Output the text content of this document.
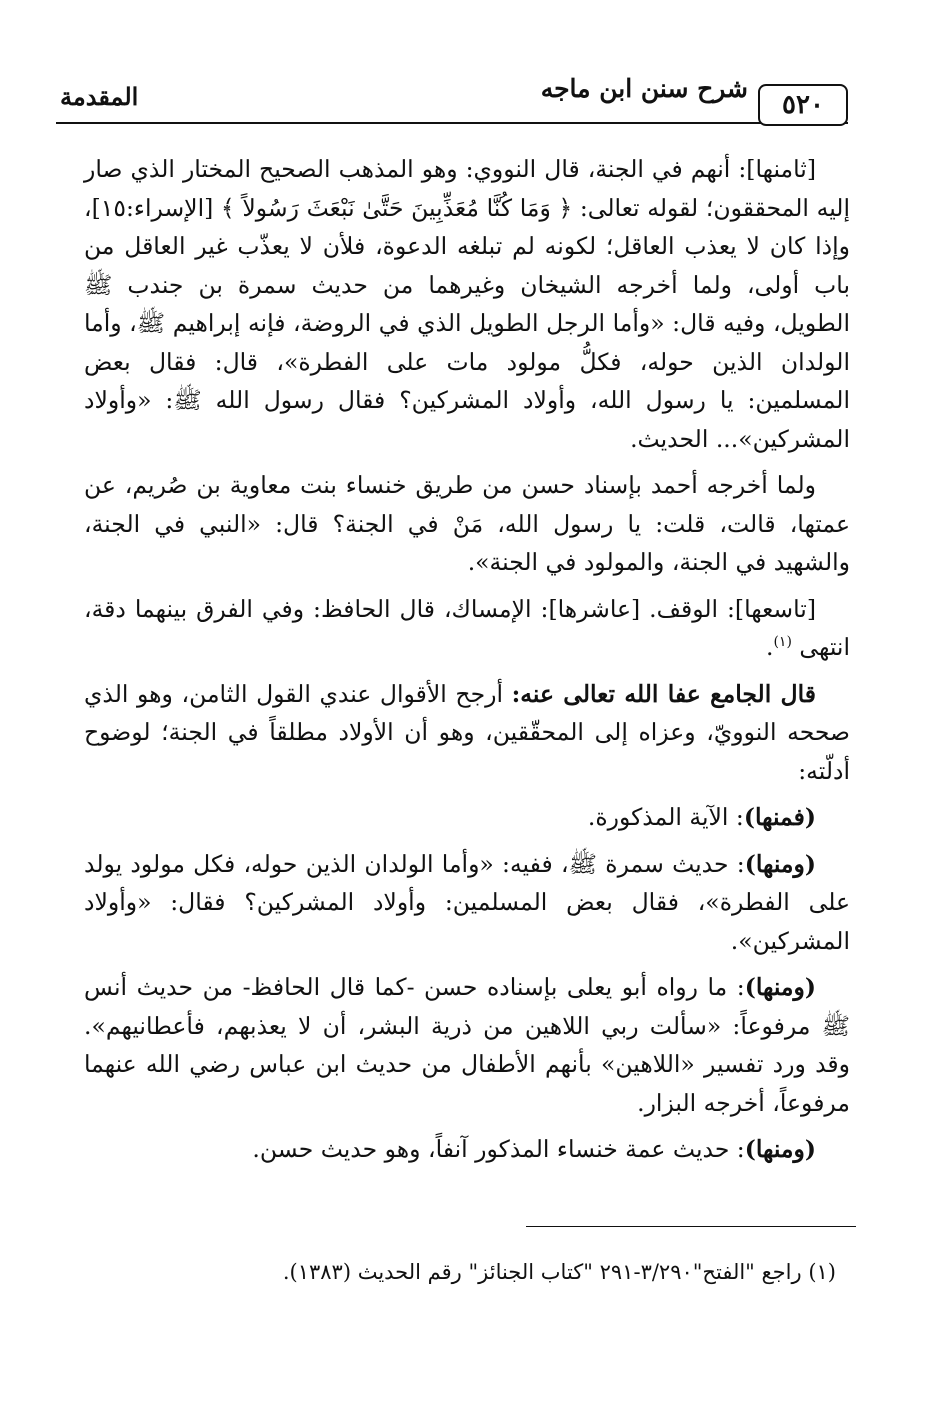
٥٢٠
شرح سنن ابن ماجه
المقدمة

[ثامنها]: أنهم في الجنة، قال النووي: وهو المذهب الصحيح المختار الذي صار إليه المحققون؛ لقوله تعالى: ﴿ وَمَا كُنَّا مُعَذِّبِينَ حَتَّىٰ نَبْعَثَ رَسُولاً ﴾ [الإسراء:١٥]، وإذا كان لا يعذب العاقل؛ لكونه لم تبلغه الدعوة، فلأن لا يعذّب غير العاقل من باب أولى، ولما أخرجه الشيخان وغيرهما من حديث سمرة بن جندب ﷺ الطويل، وفيه قال: «وأما الرجل الطويل الذي في الروضة، فإنه إبراهيم ﷺ، وأما الولدان الذين حوله، فكلُّ مولود مات على الفطرة»، قال: فقال بعض المسلمين: يا رسول الله، وأولاد المشركين؟ فقال رسول الله ﷺ: «وأولاد المشركين»... الحديث.

ولما أخرجه أحمد بإسناد حسن من طريق خنساء بنت معاوية بن صُريم، عن عمتها، قالت، قلت: يا رسول الله، مَنْ في الجنة؟ قال: «النبي في الجنة، والشهيد في الجنة، والمولود في الجنة».

[تاسعها]: الوقف. [عاشرها]: الإمساك، قال الحافظ: وفي الفرق بينهما دقة، انتهى $^{(١)}$.

قال الجامع عفا الله تعالى عنه: أرجح الأقوال عندي القول الثامن، وهو الذي صححه النوويّ، وعزاه إلى المحقّقين، وهو أن الأولاد مطلقاً في الجنة؛ لوضوح أدلّته:

(فمنها): الآية المذكورة.

(ومنها): حديث سمرة ﷺ، ففيه: «وأما الولدان الذين حوله، فكل مولود يولد على الفطرة»، فقال بعض المسلمين: وأولاد المشركين؟ فقال: «وأولاد المشركين».

(ومنها): ما رواه أبو يعلى بإسناده حسن -كما قال الحافظ- من حديث أنس ﷺ مرفوعاً: «سألت ربي اللاهين من ذرية البشر، أن لا يعذبهم، فأعطانيهم». وقد ورد تفسير «اللاهين» بأنهم الأطفال من حديث ابن عباس رضي الله عنهما مرفوعاً، أخرجه البزار.

(ومنها): حديث عمة خنساء المذكور آنفاً، وهو حديث حسن.

(١) راجع "الفتح"٣/٢٩٠-٢٩١ "كتاب الجنائز" رقم الحديث (١٣٨٣).
